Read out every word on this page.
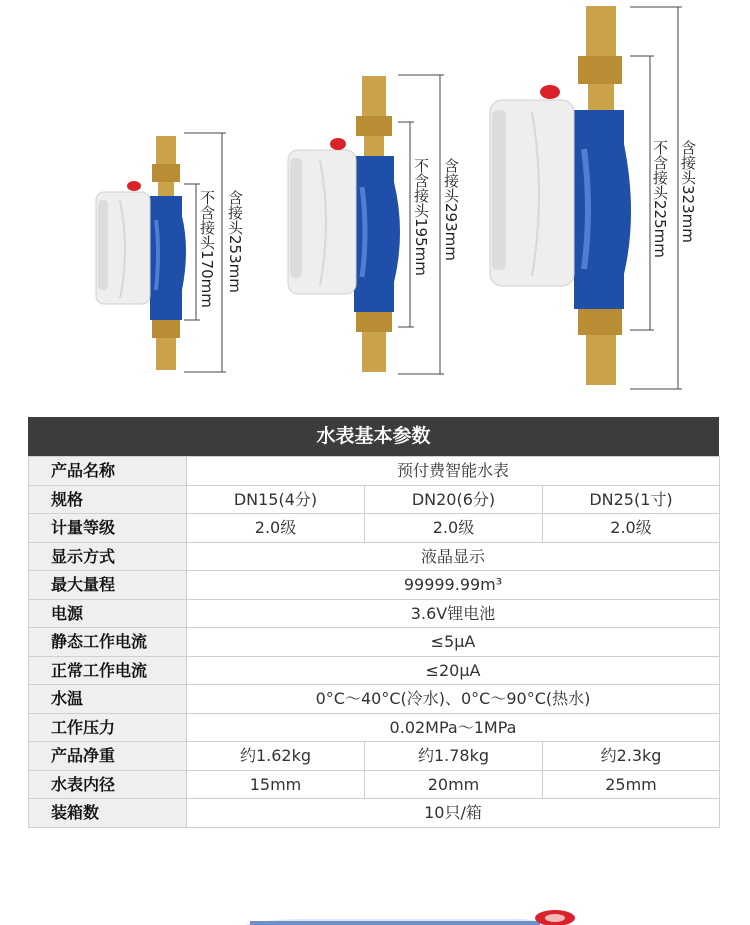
不含接头170mm 含接头253mm	不含接头195mm 含接头293mm	不含接头225mm 含接头323mm
水表基本参数
产品名称	预付费智能水表		
规格	DN15(4分)	DN20(6分)	DN25(1寸)
计量等级	2.0级	2.0级	2.0级
显示方式	液晶显示		
最大量程	99999.99m³		
电源	3.6V锂电池		
静态工作电流	≤5μA		
正常工作电流	≤20μA		
水温	0°C～40°C(冷水)、0°C～90°C(热水)		
工作压力	0.02MPa～1MPa		
产品净重	约1.62kg	约1.78kg	约2.3kg
水表内径	15mm	20mm	25mm
装箱数	10只/箱		
